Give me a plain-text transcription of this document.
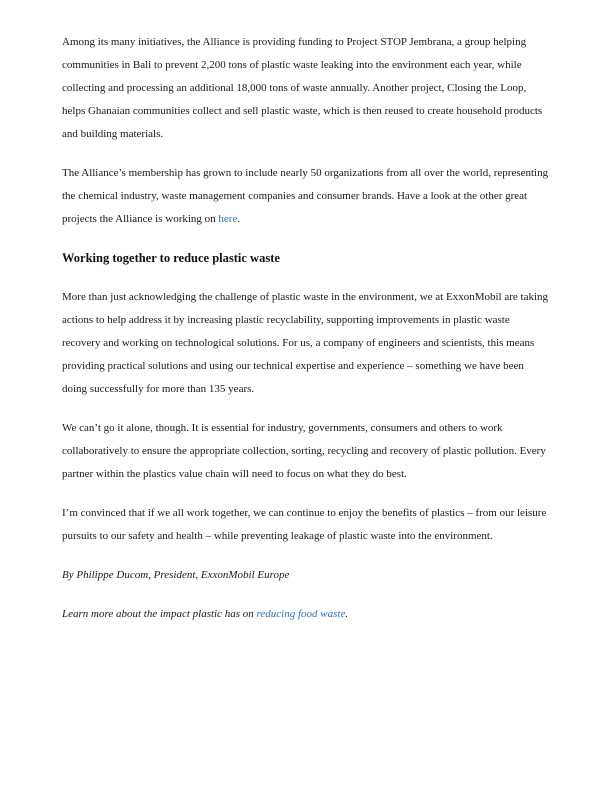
Among its many initiatives, the Alliance is providing funding to Project STOP Jembrana, a group helping communities in Bali to prevent 2,200 tons of plastic waste leaking into the environment each year, while collecting and processing an additional 18,000 tons of waste annually. Another project, Closing the Loop, helps Ghanaian communities collect and sell plastic waste, which is then reused to create household products and building materials.

The Alliance’s membership has grown to include nearly 50 organizations from all over the world, representing the chemical industry, waste management companies and consumer brands. Have a look at the other great projects the Alliance is working on here.

Working together to reduce plastic waste

More than just acknowledging the challenge of plastic waste in the environment, we at ExxonMobil are taking actions to help address it by increasing plastic recyclability, supporting improvements in plastic waste recovery and working on technological solutions. For us, a company of engineers and scientists, this means providing practical solutions and using our technical expertise and experience – something we have been doing successfully for more than 135 years.

We can’t go it alone, though. It is essential for industry, governments, consumers and others to work collaboratively to ensure the appropriate collection, sorting, recycling and recovery of plastic pollution. Every partner within the plastics value chain will need to focus on what they do best.

I’m convinced that if we all work together, we can continue to enjoy the benefits of plastics – from our leisure pursuits to our safety and health – while preventing leakage of plastic waste into the environment.

By Philippe Ducom, President, ExxonMobil Europe

Learn more about the impact plastic has on reducing food waste.
